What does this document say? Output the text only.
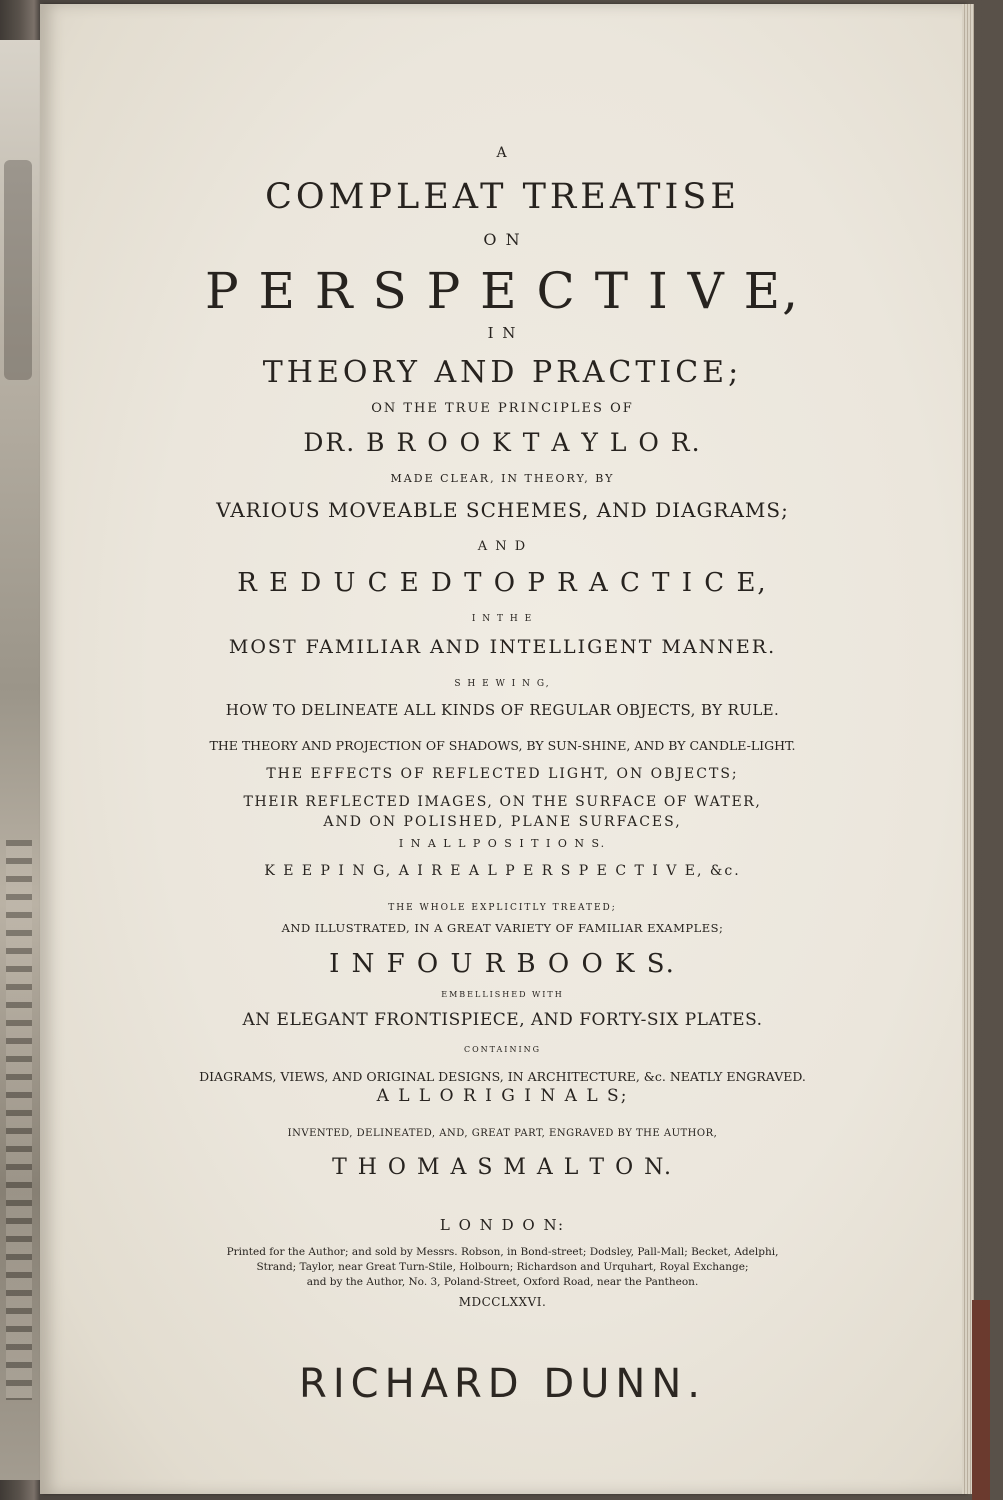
A
COMPLEAT TREATISE
O N
P E R S P E C T I V E,
I N
THEORY AND PRACTICE;
ON THE TRUE PRINCIPLES OF
DR. B R O O K T A Y L O R.
MADE CLEAR, IN THEORY, BY
VARIOUS MOVEABLE SCHEMES, AND DIAGRAMS;
A N D
R E D U C E D T O P R A C T I C E,
I N T H E
MOST FAMILIAR AND INTELLIGENT MANNER.
S H E W I N G,
HOW TO DELINEATE ALL KINDS OF REGULAR OBJECTS, BY RULE.
THE THEORY AND PROJECTION OF SHADOWS, BY SUN-SHINE, AND BY CANDLE-LIGHT.
THE EFFECTS OF REFLECTED LIGHT, ON OBJECTS;
THEIR REFLECTED IMAGES, ON THE SURFACE OF WATER,
AND ON POLISHED, PLANE SURFACES,
I N A L L P O S I T I O N S.
K E E P I N G, A I R E A L P E R S P E C T I V E, &c.
THE WHOLE EXPLICITLY TREATED;
AND ILLUSTRATED, IN A GREAT VARIETY OF FAMILIAR EXAMPLES;
I N F O U R B O O K S.
EMBELLISHED WITH
AN ELEGANT FRONTISPIECE, AND FORTY-SIX PLATES.
CONTAINING
DIAGRAMS, VIEWS, AND ORIGINAL DESIGNS, IN ARCHITECTURE, &c. NEATLY ENGRAVED.
A L L O R I G I N A L S;
INVENTED, DELINEATED, AND, GREAT PART, ENGRAVED BY THE AUTHOR,
T H O M A S M A L T O N.
L O N D O N:
Printed for the Author; and sold by Messrs. Robson, in Bond-street; Dodsley, Pall-Mall; Becket, Adelphi,
Strand; Taylor, near Great Turn-Stile, Holbourn; Richardson and Urquhart, Royal Exchange;
and by the Author, No. 3, Poland-Street, Oxford Road, near the Pantheon.
MDCCLXXVI.
RICHARD DUNN.
